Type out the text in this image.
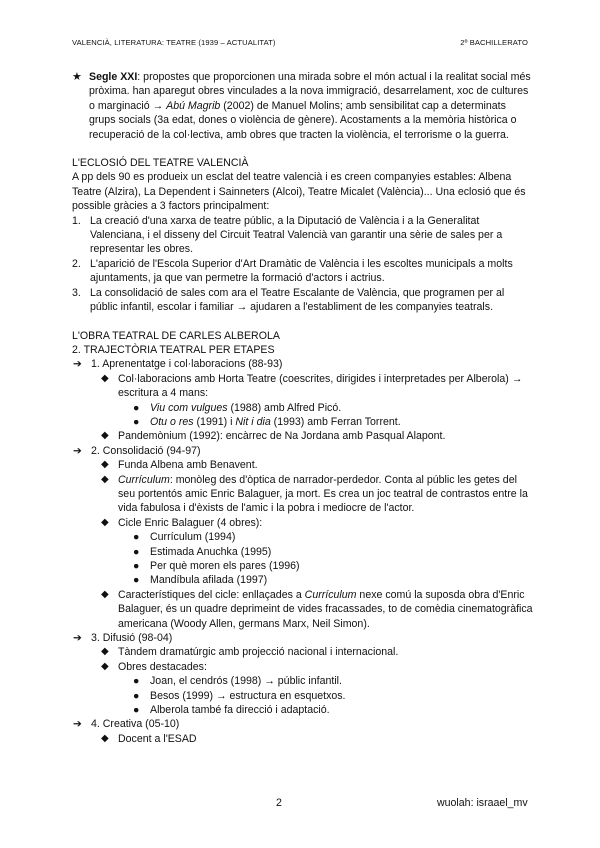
VALENCIÀ, LITERATURA: TEATRE (1939 – ACTUALITAT)	2º BACHILLERATO
★ Segle XXI: propostes que proporcionen una mirada sobre el món actual i la realitat social més pròxima. han aparegut obres vinculades a la nova immigració, desarrelament, xoc de cultures o marginació → Abú Magrib (2002) de Manuel Molins; amb sensibilitat cap a determinats grups socials (3a edat, dones o violència de gènere). Acostaments a la memòria històrica o recuperació de la col·lectiva, amb obres que tracten la violència, el terrorisme o la guerra.
L'ECLOSIÓ DEL TEATRE VALENCIÀ

A pp dels 90 es produeix un esclat del teatre valencià i es creen companyies estables: Albena Teatre (Alzira), La Dependent i Sainneters (Alcoi), Teatre Micalet (València)... Una eclosió que és possible gràcies a 3 factors principalment:

1. La creació d'una xarxa de teatre públic, a la Diputació de València i a la Generalitat Valenciana, i el disseny del Circuit Teatral Valencià van garantir una sèrie de sales per a representar les obres.
2. L'aparició de l'Escola Superior d'Art Dramàtic de València i les escoltes municipals a molts ajuntaments, ja que van permetre la formació d'actors i actrius.
3. La consolidació de sales com ara el Teatre Escalante de València, que programen per al públic infantil, escolar i familiar → ajudaren a l'establiment de les companyies teatrals.
L'OBRA TEATRAL DE CARLES ALBEROLA
2. TRAJECTÒRIA TEATRAL PER ETAPES
➔ 1. Aprenentatge i col·laboracions (88-93)
◆ Col·laboracions amb Horta Teatre (coescrites, dirigides i interpretades per Alberola) → escritura a 4 mans:
● Viu com vulgues (1988) amb Alfred Picó.
● Otu o res (1991) i Nit i dia (1993) amb Ferran Torrent.
◆ Pandemònium (1992): encàrrec de Na Jordana amb Pasqual Alapont.
➔ 2. Consolidació (94-97)
◆ Funda Albena amb Benavent.
◆ Currículum: monòleg des d'òptica de narrador-perdedor. Conta al públic les getes del seu portentós amic Enric Balaguer, ja mort. Es crea un joc teatral de contrastos entre la vida fabulosa i d'èxists de l'amic i la pobra i mediocre de l'actor.
◆ Cicle Enric Balaguer (4 obres):
● Currículum (1994)
● Estimada Anuchka (1995)
● Per què moren els pares (1996)
● Mandíbula afilada (1997)
◆ Característiques del cicle: enllaçades a Currículum nexe comú la suposda obra d'Enric Balaguer, és un quadre deprimeint de vides fracassades, to de comèdia cinematogràfica americana (Woody Allen, germans Marx, Neil Simon).
➔ 3. Difusió (98-04)
◆ Tàndem dramatúrgic amb projecció nacional i internacional.
◆ Obres destacades:
● Joan, el cendrós (1998) → públic infantil.
● Besos (1999) → estructura en esquetxos.
● Alberola també fa direcció i adaptació.
➔ 4. Creativa (05-10)
◆ Docent a l'ESAD
2	wuolah: israael_mv
